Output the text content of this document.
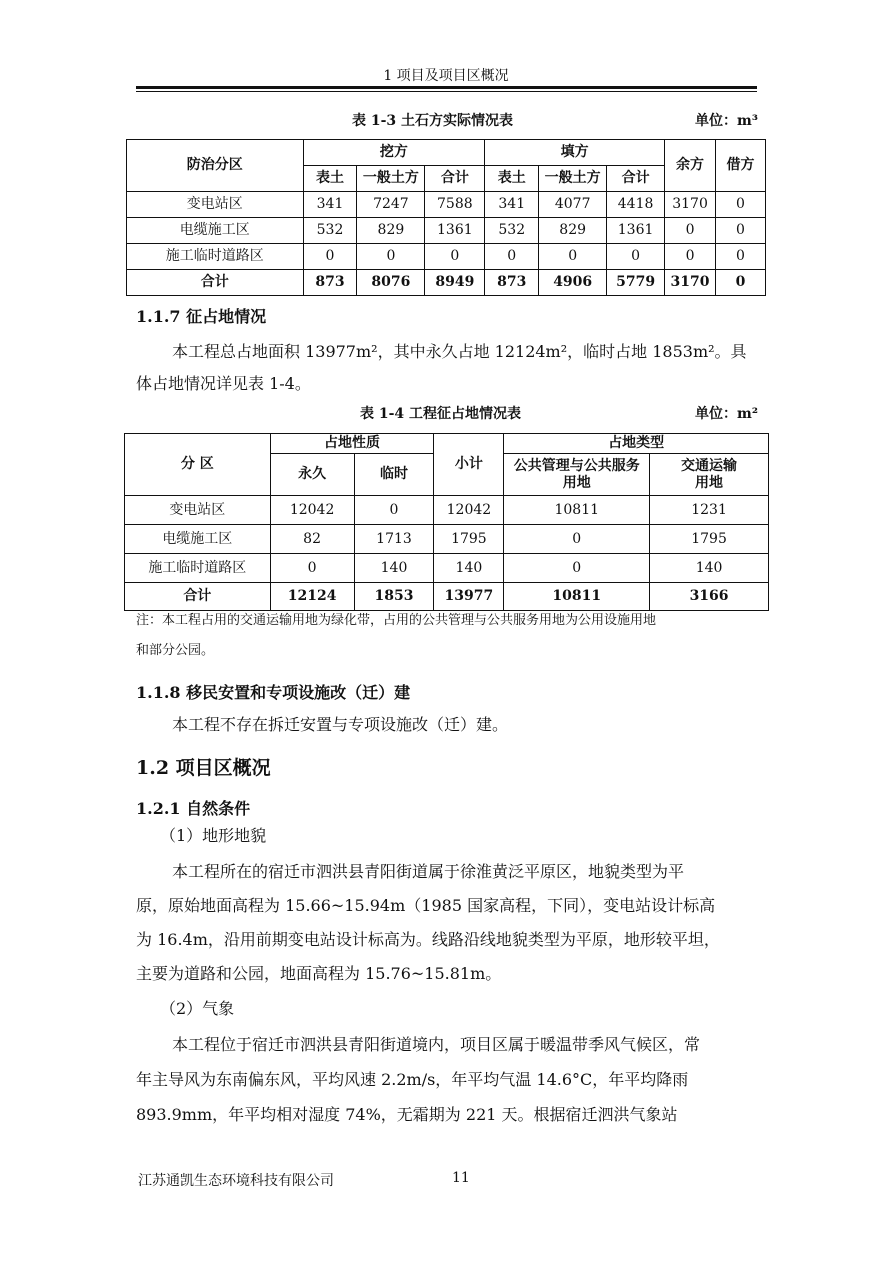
1 项目及项目区概况
表 1-3 土石方实际情况表	单位：m³
防治分区	挖方			填方			余方	借方
	表土	一般土方	合计	表土	一般土方	合计		
变电站区	341	7247	7588	341	4077	4418	3170	0
电缆施工区	532	829	1361	532	829	1361	0	0
施工临时道路区	0	0	0	0	0	0	0	0
合计	873	8076	8949	873	4906	5779	3170	0
1.1.7 征占地情况
本工程总占地面积 13977m²，其中永久占地 12124m²，临时占地 1853m²。具
体占地情况详见表 1-4。
表 1-4 工程征占地情况表	单位：m²
分 区	占地性质		小计	占地类型	
	永久	临时		公共管理与公共服务用地	交通运输用地
变电站区	12042	0	12042	10811	1231
电缆施工区	82	1713	1795	0	1795
施工临时道路区	0	140	140	0	140
合计	12124	1853	13977	10811	3166
注：本工程占用的交通运输用地为绿化带，占用的公共管理与公共服务用地为公用设施用地
和部分公园。
1.1.8 移民安置和专项设施改（迁）建
本工程不存在拆迁安置与专项设施改（迁）建。
1.2 项目区概况
1.2.1 自然条件
（1）地形地貌
本工程所在的宿迁市泗洪县青阳街道属于徐淮黄泛平原区，地貌类型为平
原，原始地面高程为 15.66~15.94m（1985 国家高程，下同），变电站设计标高
为 16.4m，沿用前期变电站设计标高为。线路沿线地貌类型为平原，地形较平坦，
主要为道路和公园，地面高程为 15.76~15.81m。
（2）气象
本工程位于宿迁市泗洪县青阳街道境内，项目区属于暖温带季风气候区，常
年主导风为东南偏东风，平均风速 2.2m/s，年平均气温 14.6°C，年平均降雨
893.9mm，年平均相对湿度 74%，无霜期为 221 天。根据宿迁泗洪气象站
江苏通凯生态环境科技有限公司	11
